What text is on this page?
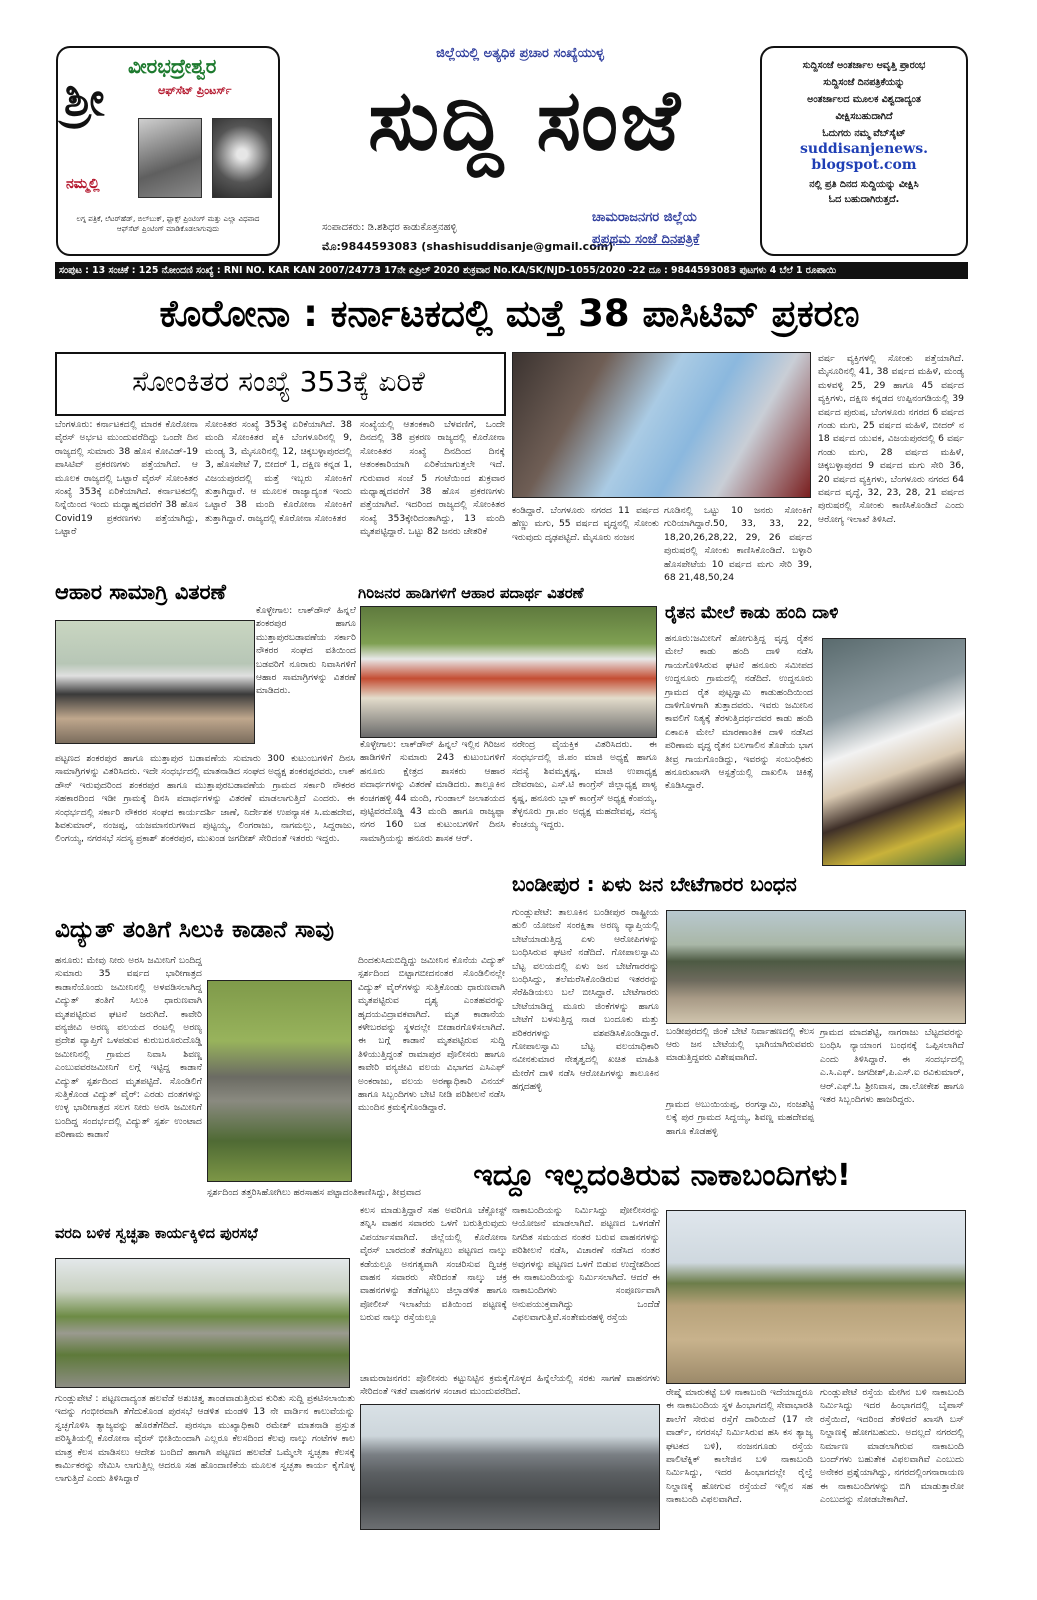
ಶ್ರೀ
ವೀರಭದ್ರೇಶ್ವರ
ಆಫ್‌ಸೆಟ್ ಪ್ರಿಂಟರ್ಸ್
ನಮ್ಮಲ್ಲಿ
ಲಗ್ನ ಪತ್ರಿಕೆ, ಲೆಟರ್‌ಹೆಡ್, ಬಿಲ್‌ಬುಕ್, ಫ್ಲಾಕ್ಸ್ ಪ್ರಿಂಟಿಂಗ್ ಮತ್ತು ಎಲ್ಲಾ ವಿಧವಾದ ಆಫ್‌ಸೆಟ್ ಪ್ರಿಂಟಿಂಗ್ ಮಾಡಿಕೊಡಲಾಗುವುದು
ಜಿಲ್ಲೆಯಲ್ಲಿ ಅತ್ಯಧಿಕ ಪ್ರಚಾರ ಸಂಖ್ಯೆಯುಳ್ಳ
ಸುದ್ದಿ ಸಂಜೆ
ಸಂಪಾದಕರು: ಡಿ.ಶಶಿಧರ ಕಾಡುಕೊತ್ತನಹಳ್ಳಿ
ಮೊ:9844593083 (shashisuddisanje@gmail.com)
ಚಾಮರಾಜನಗರ ಜಿಲ್ಲೆಯ
ಪ್ರಪ್ರಥಮ ಸಂಜೆ ದಿನಪತ್ರಿಕೆ
ಸುದ್ದಿಸಂಜೆ ಅಂತರ್ಜಾಲ ಆವೃತ್ತಿ ಪ್ರಾರಂಭ
ಸುದ್ದಿಸಂಜೆ ದಿನಪತ್ರಿಕೆಯನ್ನು
ಅಂತರ್ಜಾಲದ ಮೂಲಕ ವಿಶ್ವದಾದ್ಯಂತ
ವೀಕ್ಷಿಸಬಹುದಾಗಿದೆ
ಓದುಗರು ನಮ್ಮ ವೆಬ್‌ಸೈಟ್
suddisanjenews.
blogspot.com
ನಲ್ಲಿ ಪ್ರತಿ ದಿನದ ಸುದ್ದಿಯನ್ನು ವೀಕ್ಷಿಸಿ
ಓದ ಬಹುದಾಗಿರುತ್ತದೆ.
ಸಂಪುಟ : 13 ಸಂಚಿಕೆ : 125 ನೋಂದಣಿ ಸಂಖ್ಯೆ : RNI NO. KAR KAN 2007/24773 17ನೇ ಏಪ್ರಿಲ್ 2020 ಶುಕ್ರವಾರ No.KA/SK/NJD-1055/2020 -22 ದೂ : 9844593083 ಪುಟಗಳು 4 ಬೆಲೆ 1 ರೂಪಾಯಿ
ಕೊರೋನಾ : ಕರ್ನಾಟಕದಲ್ಲಿ ಮತ್ತೆ 38 ಪಾಸಿಟಿವ್ ಪ್ರಕರಣ
ಸೋಂಕಿತರ ಸಂಖ್ಯೆ 353ಕ್ಕೆ ಏರಿಕೆ
ಬೆಂಗಳೂರು: ಕರ್ನಾಟಕದಲ್ಲಿ ಮಾರಕ ಕೊರೋನಾ ವೈರಸ್ ಅರ್ಭಟ ಮುಂದುವರೆದಿದ್ದು ಒಂದೇ ದಿನ ರಾಜ್ಯದಲ್ಲಿ ಸುಮಾರು 38 ಹೊಸ ಕೋವಿಡ್-19 ಪಾಸಿಟಿವ್ ಪ್ರಕರಣಗಳು ಪತ್ತೆಯಾಗಿದೆ. ಆ ಮೂಲಕ ರಾಜ್ಯದಲ್ಲಿ ಒಟ್ಟಾರೆ ವೈರಸ್ ಸೋಂಕಿತರ ಸಂಖ್ಯೆ 353ಕ್ಕೆ ಏರಿಕೆಯಾಗಿದೆ. ಕರ್ನಾಟಕದಲ್ಲಿ ನಿನ್ನೆಯಿಂದ ಇಂದು ಮಧ್ಯಾಹ್ನದವರೆಗೆ 38 ಹೊಸ Covid19 ಪ್ರಕರಣಗಳು ಪತ್ತೆಯಾಗಿದ್ದು, ಒಟ್ಟಾರೆ
ಸೋಂಕಿತರ ಸಂಖ್ಯೆ 353ಕ್ಕೆ ಏರಿಕೆಯಾಗಿದೆ. 38 ಮಂದಿ ಸೋಂಕಿತರ ಪೈಕಿ ಬೆಂಗಳೂರಿನಲ್ಲಿ 9, ಮಂಡ್ಯ 3, ಮೈಸೂರಿನಲ್ಲಿ 12, ಚಿಕ್ಕಬಳ್ಳಾಪುರದಲ್ಲಿ 3, ಹೊಸಪೇಟೆ 7, ಬೀದರ್ 1, ದಕ್ಷಿಣ ಕನ್ನಡ 1, ವಿಜಯಪುರದಲ್ಲಿ ಮತ್ತೆ ಇಬ್ಬರು ಸೋಂಕಿಗೆ ತುತ್ತಾಗಿದ್ದಾರೆ. ಆ ಮೂಲಕ ರಾಜ್ಯಾದ್ಯಂತ ಇಂದು ಒಟ್ಟಾರೆ 38 ಮಂದಿ ಕೊರೋನಾ ಸೋಂಕಿಗೆ ತುತ್ತಾಗಿದ್ದಾರೆ. ರಾಜ್ಯದಲ್ಲಿ ಕೊರೋನಾ ಸೋಂಕಿತರ
ಸಂಖ್ಯೆಯಲ್ಲಿ ಆತಂಕಕಾರಿ ಬೆಳವಣಿಗೆ, ಒಂದೇ ದಿನದಲ್ಲಿ 38 ಪ್ರಕರಣ ರಾಜ್ಯದಲ್ಲಿ ಕೊರೋನಾ ಸೋಂಕಿತರ ಸಂಖ್ಯೆ ದಿನದಿಂದ ದಿನಕ್ಕೆ ಆತಂಕಕಾರಿಯಾಗಿ ಏರಿಕೆಯಾಗುತ್ತಲೇ ಇದೆ. ಗುರುವಾರ ಸಂಜೆ 5 ಗಂಟೆಯಿಂದ ಶುಕ್ರವಾರ ಮಧ್ಯಾಹ್ನದವರೆಗೆ 38 ಹೊಸ ಪ್ರಕರಣಗಳು ಪತ್ತೆಯಾಗಿವೆ. ಇದರಿಂದ ರಾಜ್ಯದಲ್ಲಿ ಸೋಂಕಿತರ ಸಂಖ್ಯೆ 353ಕ್ಕೇರಿದಂತಾಗಿದ್ದು, 13 ಮಂದಿ ಮೃತಪಟ್ಟಿದ್ದಾರೆ. ಒಟ್ಟು 82 ಜನರು ಚೇತರಿಕೆ
ಕಂಡಿದ್ದಾರೆ. ಬೆಂಗಳೂರು ನಗರದ 11 ವರ್ಷದ ಹೆಣ್ಣು ಮಗು, 55 ವರ್ಷದ ವೃದ್ಧನಲ್ಲಿ ಸೋಂಕು ಇರುವುದು ದೃಢಪಟ್ಟಿದೆ. ಮೈಸೂರು ನಂಜನ
ಗೂಡಿನಲ್ಲಿ ಒಟ್ಟು 10 ಜನರು ಸೋಂಕಿಗೆ ಗುರಿಯಾಗಿದ್ದಾರೆ.50, 33, 33, 22, 18,20,26,28,22, 29, 26 ವರ್ಷದ ಪುರುಷರಲ್ಲಿ ಸೋಂಕು ಕಾಣಿಸಿಕೊಂಡಿದೆ. ಬಳ್ಳಾರಿ ಹೊಸಪೇಟೆಯ 10 ವರ್ಷದ ಮಗು ಸೇರಿ 39, 68 21,48,50,24
ವರ್ಷ ವ್ಯಕ್ತಿಗಳಲ್ಲಿ ಸೋಂಕು ಪತ್ತೆಯಾಗಿದೆ. ಮೈಸೂರಿನಲ್ಲಿ 41, 38 ವರ್ಷದ ಮಹಿಳೆ, ಮಂಡ್ಯ ಮಳವಳ್ಳಿ 25, 29 ಹಾಗೂ 45 ವರ್ಷದ ವ್ಯಕ್ತಿಗಳು, ದಕ್ಷಿಣ ಕನ್ನಡದ ಉಪ್ಪಿನಂಗಡಿಯಲ್ಲಿ 39 ವರ್ಷದ ಪುರುಷ, ಬೆಂಗಳೂರು ನಗರದ 6 ವರ್ಷದ ಗಂಡು ಮಗು, 25 ವರ್ಷದ ಮಹಿಳೆ, ಬೀದರ್ ನ 18 ವರ್ಷದ ಯುವಕ, ವಿಜಯಪುರದಲ್ಲಿ 6 ವರ್ಷ ಗಂಡು ಮಗು, 28 ವರ್ಷದ ಮಹಿಳೆ, ಚಿಕ್ಕಬಳ್ಳಾಪುರದ 9 ವರ್ಷದ ಮಗು ಸೇರಿ 36, 20 ವರ್ಷದ ವ್ಯಕ್ತಿಗಳು, ಬೆಂಗಳೂರು ನಗರದ 64 ವರ್ಷದ ವೃದ್ಧೆ, 32, 23, 28, 21 ವರ್ಷದ ಪುರುಷರಲ್ಲಿ ಸೋಂಕು ಕಾಣಿಸಿಕೊಂಡಿದೆ ಎಂದು ಆರೋಗ್ಯ ಇಲಾಖೆ ತಿಳಿಸಿದೆ.
ಆಹಾರ ಸಾಮಾಗ್ರಿ ವಿತರಣೆ	ಗಿರಿಜನರ ಹಾಡಿಗಳಿಗೆ ಆಹಾರ ಪದಾರ್ಥ ವಿತರಣೆ
ಕೊಳ್ಳೇಗಾಲ: ಲಾಕ್‌ಡೌನ್ ಹಿನ್ನಲೆ ಶಂಕರಪುರ ಹಾಗೂ ಮುತ್ತಾಪುರಬಡಾವಣೆಯ ಸರ್ಕಾರಿ ನೌಕರರ ಸಂಘದ ವತಿಯಿಂದ ಬಡವರಿಗೆ ನೂರಾರು ನಿವಾಸಿಗಳಿಗೆ ಆಹಾರ ಸಾಮಾಗ್ರಿಗಳನ್ನು ವಿತರಣೆ ಮಾಡಿದರು.
ಪಟ್ಟಣದ ಶಂಕರಪುರ ಹಾಗೂ ಮುತ್ತಾಪುರ ಬಡಾವಣೆಯ ಸುಮಾರು 300 ಕುಟುಂಬಗಳಿಗೆ ದಿನಸಿ ಸಾಮಾಗ್ರಿಗಳನ್ನು ವಿತರಿಸಿದರು. ಇದೇ ಸಂಧರ್ಭದಲ್ಲಿ ಮಾತನಾಡಿದ ಸಂಘದ ಅಧ್ಯಕ್ಷ ಶಂಕರಪ್ಪರವರು, ಲಾಕ್ ಡೌನ್ ಇರುವುದರಿಂದ ಶಂಕರಪುರ ಹಾಗೂ ಮುತ್ತಾಪುರಬಡಾವಣೆಯ ಗ್ರಾಮದ ಸರ್ಕಾರಿ ನೌಕರರ ಸಹಕಾರದಿಂದ ಇಡೀ ಗ್ರಾಮಕ್ಕೆ ದಿನಸಿ ಪದಾರ್ಥಗಳನ್ನು ವಿತರಣೆ ಮಾಡಲಾಗುತ್ತಿದೆ ಎಂದರು. ಈ ಸಂಧರ್ಭದಲ್ಲಿ ಸರ್ಕಾರಿ ನೌಕರರ ಸಂಘದ ಕಾರ್ಯದರ್ಶಿ ಜಾಣೆ, ನಿರ್ದೇಶಕ ಉಪನ್ಯಾಸಕ ಸಿ.ಮಹದೇವ, ಶಿವಕುಮಾರ್, ನಂಜಪ್ಪ, ಯಜಮಾನರುಗಳಾದ ಪುಟ್ಟಯ್ಯ, ಲಿಂಗರಾಜು, ನಾಗಮಲ್ಲು, ಸಿದ್ದರಾಜು, ಲಿಂಗಯ್ಯ, ನಗರಸಭೆ ಸದಸ್ಯ ಪ್ರಕಾಶ್ ಶಂಕರಪುರ, ಮುಖಂಡ ಜಗದೀಶ್ ಸೇರಿದಂತೆ ಇತರರು ಇದ್ದರು.
ಕೊಳ್ಳೇಗಾಲ: ಲಾಕ್‌ಡೌನ್ ಹಿನ್ನಲೆ ಇಲ್ಲಿನ ಗಿರಿಜನ ಹಾಡಿಗಳಿಗೆ ಸುಮಾರು 243 ಕುಟುಂಬಗಳಿಗೆ ಹನೂರು ಕ್ಷೇತ್ರದ ಶಾಸಕರು ಆಹಾರ ಪದಾರ್ಥಗಳನ್ನು ವಿತರಣೆ ಮಾಡಿದರು. ತಾಲ್ಲೂಕಿನ ಕಂಚಗಹಳ್ಳಿ 44 ಮಂದಿ, ಗುಂಡಾಲ್ ಜಲಾಶಯದ ಪುಟ್ಟಿವರದೊಡ್ಡಿ 43 ಮಂದಿ ಹಾಗೂ ರಾಜ್ಯಪ್ಪಾ ನಗರ 160 ಬಡ ಕುಟುಂಬಗಳಿಗೆ ದಿನಸಿ ಸಾಮಾಗ್ರಿಯನ್ನು ಹನೂರು ಶಾಸಕ ಆರ್.
ನರೇಂದ್ರ ವೈಯಕ್ತಿಕ ವಿತರಿಸಿದರು. ಈ ಸಂಧರ್ಭದಲ್ಲಿ ಜಿ.ಪಂ ಮಾಜಿ ಅಧ್ಯಕ್ಷೆ ಹಾಗೂ ಸದಸ್ಯೆ ಶಿವಮ್ಮಕೃಷ್ಣ, ಮಾಜಿ ಉಪಾಧ್ಯಕ್ಷ ದೇವರಾಜು, ಎಸ್.ಟಿ ಕಾಂಗ್ರೆಸ್ ಜಿಲ್ಲಾಧ್ಯಕ್ಷ ಪಾಳ್ಯ ಕೃಷ್ಣ, ಹನೂರು ಬ್ಲಾಕ್ ಕಾಂಗ್ರೆಸ್ ಅಧ್ಯಕ್ಷ ಕೆಂಪಯ್ಯ, ತೆಳ್ಳನೂರು ಗ್ರಾ.ಪಂ ಅಧ್ಯಕ್ಷ ಮಹದೇವಪ್ಪ, ಸದಸ್ಯ ಕೆಂಚಯ್ಯ ಇದ್ದರು.
ರೈತನ ಮೇಲೆ ಕಾಡು ಹಂದಿ ದಾಳಿ
ಹನೂರು:ಜಮೀನಿಗೆ ಹೋಗುತ್ತಿದ್ದ ವೃದ್ಧ ರೈತನ ಮೇಲೆ ಕಾಡು ಹಂದಿ ದಾಳಿ ನಡೆಸಿ ಗಾಯಗೊಳಿಸಿರುವ ಘಟನೆ ಹನೂರು ಸಮೀಪದ ಉದ್ದನೂರು ಗ್ರಾಮದಲ್ಲಿ ನಡೆದಿದೆ. ಉದ್ದನೂರು ಗ್ರಾಮದ ರೈತ ಪುಟ್ಟಸ್ವಾಮಿ ಕಾಡುಹಂದಿಯಿಂದ ದಾಳಿಗೊಳಗಾಗಿ ತುತ್ತಾದವರು. ಇವರು ಜಮೀನಿನ ಕಾವಲಿಗೆ ನಿತ್ಯಕ್ಕೆ ತೆರಳುತ್ತಿದರ್ಥದವರ ಕಾಡು ಹಂದಿ ಏಕಾಏಕಿ ಮೇಲೆ ಮಾರಣಾಂತಿಕ ದಾಳಿ ನಡೆಸಿದ ಪರಿಣಾಮ ವೃದ್ಧ ರೈತನ ಬಲಗಾಲಿನ ತೊಡೆಯ ಭಾಗ ತೀವ್ರ ಗಾಯಗೊಂಡಿದ್ದು, ಇವರನ್ನು ಸಂಬಂಧಿಕರು ಹನೂರುಖಾಸಗಿ ಆಸ್ಪತ್ರೆಯಲ್ಲಿ ದಾಖಲಿಸಿ ಚಿಕಿತ್ಸೆ ಕೊಡಿಸಿದ್ದಾರೆ.
ಬಂಡೀಪುರ : ಏಳು ಜನ ಬೇಟೆಗಾರರ ಬಂಧನ
ಗುಂಡ್ಲುಪೇಟೆ: ತಾಲೂಕಿನ ಬಂಡೀಪುರ ರಾಷ್ಟ್ರೀಯ ಹುಲಿ ಯೋಜನೆ ಸಂರಕ್ಷಿತಾ ಅರಣ್ಯ ವ್ಯಾಪ್ತಿಯಲ್ಲಿ ಬೇಟೆಯಾಡುತ್ತಿದ್ದ ಏಳು ಆರೋಪಿಗಳನ್ನು ಬಂಧಿಸಿರುವ ಘಟನೆ ನಡೆದಿದೆ. ಗೋಪಾಲಸ್ವಾಮಿ ಬೆಟ್ಟ ವಲಯದಲ್ಲಿ ಏಳು ಜನ ಬೇಟೆಗಾರರನ್ನು ಬಂಧಿಸಿದ್ದು, ತಲೆಮರೆಸಿಕೊಂಡಿರುವ ಇತರರನ್ನು ಸೆರೆಹಿಡಿಯಲು ಬಲೆ ಬೀಸಿದ್ದಾರೆ. ಬೇಟೆಗಾರರು ಬೇಟೆಯಾಡಿದ್ದ ಮೂರು ಜಿಂಕೆಗಳನ್ನು ಹಾಗೂ ಬೇಟೆಗೆ ಬಳಸುತ್ತಿದ್ದ ನಾಡ ಬಂದೂಕು ಮತ್ತು ಪರಿಕರಗಳನ್ನು ವಶಪಡಿಸಿಕೊಂಡಿದ್ದಾರೆ. ಗೋಪಾಲಸ್ವಾಮಿ ಬೆಟ್ಟ ವಲಯಾಧಿಕಾರಿ ನವೀನಕುಮಾರ ನೇತೃತ್ವದಲ್ಲಿ ಖಚಿತ ಮಾಹಿತಿ ಮೇರೆಗೆ ದಾಳಿ ನಡೆಸಿ ಆರೋಪಿಗಳನ್ನು ತಾಲೂಕಿನ ಹಗ್ಗದಹಳ್ಳಿ
ಬಂಡೀಪುರದಲ್ಲಿ ಜಿಂಕೆ ಬೇಟೆ ನಿರ್ವಾಹಣದಲ್ಲಿ ಕೆಲಸ ಆರು ಜನ ಬೇಟೆಯಲ್ಲಿ ಭಾಗಿಯಾಗಿರುವವರು ಮಾಡುತ್ತಿದ್ದವರು ವಿಶೇಷವಾಗಿದೆ.
ಗ್ರಾಮದ ಅಬುಯಿಯಪ್ಪ, ರಂಗಸ್ವಾಮಿ, ನಂಜಶೆಟ್ಟಿ ಲಕ್ಕೆ ಪುರ ಗ್ರಾಮದ ಸಿದ್ದಯ್ಯ, ಶಿವಣ್ಣ ಮಹದೇವಪ್ಪ ಹಾಗೂ ಕೊಡಹಳ್ಳಿ
ಗ್ರಾಮದ ಮಾದಶೆಟ್ಟಿ, ನಾಗರಾಜು ಬೆಟ್ಟದವರನ್ನು ಬಂಧಿಸಿ ನ್ಯಾಯಾಂಗ ಬಂಧನಕ್ಕೆ ಒಪ್ಪಿಸಲಾಗಿದೆ ಎಂದು ತಿಳಿಸಿದ್ದಾರೆ. ಈ ಸಂದರ್ಭದಲ್ಲಿ ಎ.ಸಿ.ಎಫ್. ಜಗದೀಶ್,ಪಿ.ಎಸ್.ಐ ರವಿಕುಮಾರ್, ಆರ್.ಎಫ್.ಓ ಶ್ರೀನಿವಾಸ, ಡಾ.ಲೋಕೇಶ ಹಾಗೂ ಇತರ ಸಿಬ್ಬಂದಿಗಳು ಹಾಜರಿದ್ದರು.
ವಿದ್ಯುತ್ ತಂತಿಗೆ ಸಿಲುಕಿ ಕಾಡಾನೆ ಸಾವು
ಹನೂರು: ಮೇವು ನೀರು ಅರಸಿ ಜಮೀನಿಗೆ ಬಂದಿದ್ದ ಸುಮಾರು 35 ವರ್ಷದ ಭಾರೀಗಾತ್ರದ ಕಾಡಾನೆಯೊಂದು ಜಮೀನಿನಲ್ಲಿ ಅಳವಡಿಸಲಾಗಿದ್ದ ವಿದ್ಯುತ್ ತಂತಿಗೆ ಸಿಲುಕಿ ಧಾರುಣವಾಗಿ ಮೃತಪಟ್ಟಿರುವ ಘಟನೆ ಜರುಗಿದೆ. ಕಾವೇರಿ ವನ್ಯಜೀವಿ ಅರಣ್ಯ ವಲಯದ ರಂಟಲ್ಲಿ ಅರಣ್ಯ ಪ್ರದೇಶ ವ್ಯಾಪ್ತಿಗೆ ಒಳಪಡುವ ಕುರುಬರೂರುದೊಡ್ಡಿ ಜಮೀನಿನಲ್ಲಿ ಗ್ರಾಮದ ನಿವಾಸಿ ಶಿವಣ್ಣ ಎಂಬುವವರಜಮೀನಿಗೆ ಲಗ್ಗೆ ಇಟ್ಟಿದ್ದ ಕಾಡಾನೆ ವಿದ್ಯುತ್ ಸ್ಪರ್ಶದಿಂದ ಮೃತಪಟ್ಟಿದೆ. ಸೊಂಡಿಲಿಗೆ ಸುತ್ತಿಕೊಂಡ ವಿದ್ಯುತ್ ವೈರ್: ಎರಡು ದಂತಗಳನ್ನು ಉಳ್ಳ ಭಾರೀಗಾತ್ರದ ಸಲಗ ನೀರು ಅರಸಿ ಜಮೀನಿಗೆ ಬಂದಿದ್ದ ಸಂದರ್ಭದಲ್ಲಿ ವಿದ್ಯುತ್ ಸ್ಪರ್ಶ ಉಂಟಾದ ಪರಿಣಾಮ ಕಾಡಾನೆ
ದಿಂದಕುಸಿದುಬಿದ್ದಿದ್ದು ಜಮೀನಿನ ಕೊನೆಯ ವಿದ್ಯುತ್ ಸ್ಪರ್ಶದಿಂದ ಬಿಟ್ಟಾಗಬೀದನಂತರ ಸೊಂಡಿಲಿನಲ್ಲೇ ವಿದ್ಯುತ್ ವೈರ್‌ಗಳನ್ನು ಸುತ್ತಿಕೊಂಡು ಧಾರುಣವಾಗಿ ಮೃತಪಟ್ಟಿರುವ ದೃಶ್ಯ ಎಂತಹವರನ್ನು ಹೃದಯವಿದ್ರಾವಕವಾಗಿದೆ. ಮೃತ ಕಾಡಾನೆಯ ಕಳೇಬರವನ್ನು ಸ್ಥಳದಲ್ಲೇ ಬೀಡಾರಗೊಳಿಸಲಾಗಿದೆ. ಈ ಬಗ್ಗೆ ಕಾಡಾನೆ ಮೃತಪಟ್ಟಿರುವ ಸುದ್ದಿ ತಿಳಿಯುತ್ತಿದ್ದಂತೆ ರಾಮಾಪುರ ಪೊಲೀಸರು ಹಾಗೂ ಕಾವೇರಿ ವನ್ಯಜೀವಿ ವಲಯ ವಿಭಾಗದ ಎಸಿಎಫ್ ಅಂಕರಾಜು, ವಲಯ ಅರಣ್ಯಾಧಿಕಾರಿ ವಿನಯ್ ಹಾಗೂ ಸಿಬ್ಬಂದಿಗಳು ಬೇಟಿ ನೀಡಿ ಪರಿಶೀಲನೆ ನಡೆಸಿ ಮುಂದಿನ ಕ್ರಮಕೈಗೊಂಡಿದ್ದಾರೆ.
ಸ್ಪರ್ಶದಿಂದ ತತ್ತರಿಸಿಹೋಗಿಲು ಹರಸಾಹಸ ಪಟ್ಟಾದಂತಿಕಾಣಿಸಿದ್ದು, ತೀವ್ರವಾದ	ಇದ್ದೂ ಇಲ್ಲದಂತಿರುವ ನಾಕಾಬಂದಿಗಳು!
ಕಲಸ ಮಾಡುತ್ತಿದ್ದಾರೆ ಸಹ ಅವರಿಗೂ ಚೆಕ್ಪೋಸ್ಟ್ ತನ್ನಿಸಿ ವಾಹನ ಸವಾರರು ಒಳಗೆ ಬರುತ್ತಿರುವುದು ವಿಪರ್ಯಾಸವಾಗಿದೆ. ಜಿಲ್ಲೆಯಲ್ಲಿ ಕೊರೋನಾ ವೈರಸ್ ಬಾರದಂತೆ ತಡೆಗಟ್ಟಲು ಪಟ್ಟಣದ ನಾಲ್ಕು ಕಡೆಯಲ್ಲೂ ಅನಗತ್ಯವಾಗಿ ಸಂಚರಿಸುವ ದ್ವಿಚಕ್ರ ವಾಹನ ಸವಾರರು ಸೇರಿದಂತೆ ನಾಲ್ಕು ಚಕ್ರ ವಾಹನಗಳನ್ನು ತಡೆಗಟ್ಟಲು ಜಿಲ್ಲಾಡಳಿತ ಹಾಗೂ ಪೋಲೀಸ್ ಇಲಾಖೆಯ ವತಿಯಿಂದ ಪಟ್ಟಣಕ್ಕೆ ಬರುವ ನಾಲ್ಕು ರಸ್ತೆಯಲ್ಲೂ
ನಾಕಾಬಂದಿಯನ್ನು ನಿರ್ಮಿಸಿದ್ದು ಪೋಲೀಸರನ್ನು ಆಯೋಜನೆ ಮಾಡಲಾಗಿದೆ. ಪಟ್ಟಣದ ಒಳಗಡೆಗೆ ನಿಗದಿತ ಸಮಯದ ನಂತರ ಬರುವ ವಾಹನಗಳನ್ನು ಪರಿಶೀಲನೆ ನಡೆಸಿ, ವಿಚಾರಣೆ ನಡೆಸಿದ ನಂತರ ಅವುಗಳನ್ನು ಪಟ್ಟಣದ ಒಳಗೆ ಬಿಡುವ ಉದ್ದೇಶದಿಂದ ಈ ನಾಕಾಬಂದಿಯನ್ನು ನಿರ್ಮಿಸಲಾಗಿದೆ. ಆದರೆ ಈ ನಾಕಾಬಂದಿಗಳು ಸಂಪೂರ್ಣವಾಗಿ ಅನುಪಯುಕ್ತವಾಗಿದ್ದು ಒಂದೆಡೆ ವಿಫಲವಾಗುತ್ತಿವೆ.ಸಂತೇಮರಹಳ್ಳಿ ರಸ್ತೆಯ
ಚಾಮರಾಜನಗರ: ಪೊಲೀಸರು ಕಟ್ಟುನಿಟ್ಟಿನ ಕ್ರಮಕೈಗೊಳ್ಳದ ಹಿನ್ನೆಲೆಯಲ್ಲಿ ಸರಕು ಸಾಗಣೆ ವಾಹನಗಳು ಸೇರಿದಂತೆ ಇತರೆ ವಾಹನಗಳ ಸಂಚಾರ ಮುಂದುವರೆದಿದೆ.	ರೇಷ್ಮೆ ಮಾರುಕಟ್ಟೆ ಬಳಿ ನಾಕಾಬಂದಿ ಇದೆಯಾದ್ದರೂ ಈ ನಾಕಾಬಂದಿಯ ಸ್ಥಳ ಹಿಂಭಾಗದಲ್ಲಿ ಸೇವಾಭಾರತಿ ಶಾಲೆಗೆ ಸೇರುವ ರಸ್ತೆಗೆ ದಾರಿಯಿದೆ (17 ನೇ ವಾರ್ಡ್, ನಗರಸಭೆ ನಿರ್ಮಿಸಿರುವ ಹಸಿ ಕಸ ತ್ಯಾಜ್ಯ ಘಟಕದ ಬಳಿ), ನಂಜನಗೂಡು ರಸ್ತೆಯ ಪಾಲಿಟೆಕ್ನಿಕ್ ಕಾಲೇಜಿನ ಬಳಿ ನಾಕಾಬಂದಿ ನಿರ್ಮಿಸಿದ್ದು, ಇದರ ಹಿಂಭಾಗದಲ್ಲೇ ರೈಲ್ವೆ ನಿಲ್ದಾಣಕ್ಕೆ ಹೋಗುವ ರಸ್ತೆಯದೆ ಇಲ್ಲಿನ ಸಹ ನಾಕಾಬಂದಿ ವಿಫಲವಾಗಿದೆ.
ಗುಂಡ್ಲುಪೇಟೆ ರಸ್ತೆಯ ಮೇಗಿನ ಬಳಿ ನಾಕಾಬಂದಿ ನಿರ್ಮಿಸಿದ್ದು ಇದರ ಹಿಂಭಾಗದಲ್ಲಿ ಬೈಪಾಸ್ ರಸ್ತೆಯಿದೆ, ಇದರಿಂದ ತೆರಳಿದರೆ ಖಾಸಗಿ ಬಸ್ ನಿಲ್ದಾಣಕ್ಕೆ ಹೋಗಬಹುದು. ಅದಲ್ಲದೆ ನಗರದಲ್ಲಿ ನಿರ್ಮಾಣ ಮಾಡಲಾಗಿರುವ ನಾಕಾಬಂದಿ ಬಂದ್‌ಗಳು ಬಹುತೇಕ ವಿಫಲವಾಗಿವೆ ಎಂಬುದು ಅನೇಕರ ಪ್ರಶ್ನೆಯಾಗಿದ್ದು, ನಗರದಲ್ಲಿಂಗನಾರಾಯಣ ಈ ನಾಕಾಬಂದಿಗಳನ್ನು ಬಿಗಿ ಮಾಡುತ್ತಾರೋ ಎಂಬುದನ್ನು ನೋಡಬೇಕಾಗಿದೆ.
ವರದಿ ಬಳಿಕ ಸ್ವಚ್ಛತಾ ಕಾರ್ಯಕ್ಕಿಳಿದ ಪುರಸಭೆ
ಗುಂಡ್ಲುಪೇಟೆ : ಪಟ್ಟಣದಾದ್ಯಂತ ಹಲವೆಡೆ ಅಶುಚಿತ್ವ ತಾಂಡವಾಡುತ್ತಿರುವ ಕುರಿತು ಸುದ್ದಿ ಪ್ರಕಟಿಸಲಾಯಿತು ಇದನ್ನು ಗಂಭೀರವಾಗಿ ತೆಗೆದುಕೊಂಡ ಪುರಸಭೆ ಆಡಳಿತ ಮಂಡಳಿ 13 ನೇ ವಾರ್ಡಿನ ಕಾಲುವೆಯನ್ನು ಸ್ವಚ್ಛಗೊಳಿಸಿ ತ್ಯಾಜ್ಯವನ್ನು ಹೊರತೆಗೆದಿದೆ. ಪುರಸಭಾ ಮುಖ್ಯಾಧಿಕಾರಿ ರಮೇಶ್ ಮಾತನಾಡಿ ಪ್ರಸ್ತುತ ಪರಿಸ್ಥಿತಿಯಲ್ಲಿ ಕೊರೋನಾ ವೈರಸ್ ಭೀತಿಯಿಂದಾಗಿ ಎಲ್ಲರೂ ಕೆಲಸದಿಂದ ಕೆಲವು ನಾಲ್ಕು ಗಂಟೆಗಳ ಕಾಲ ಮಾತ್ರ ಕೆಲಸ ಮಾಡಿಸಲು ಆದೇಶ ಬಂದಿದೆ ಹಾಗಾಗಿ ಪಟ್ಟಣದ ಹಲವೆಡೆ ಒಮ್ಮೆಲೇ ಸ್ವಚ್ಛತಾ ಕೆಲಸಕ್ಕೆ ಕಾರ್ಮಿಕರನ್ನು ನೇಮಿಸಿ ಲಾಗುತ್ತಿಲ್ಲ ಆದರೂ ಸಹ ಹೊಂದಾಣಿಕೆಯ ಮೂಲಕ ಸ್ವಚ್ಛತಾ ಕಾರ್ಯ ಕೈಗೊಳ್ಳ ಲಾಗುತ್ತಿದೆ ಎಂದು ತಿಳಿಸಿದ್ದಾರೆ
